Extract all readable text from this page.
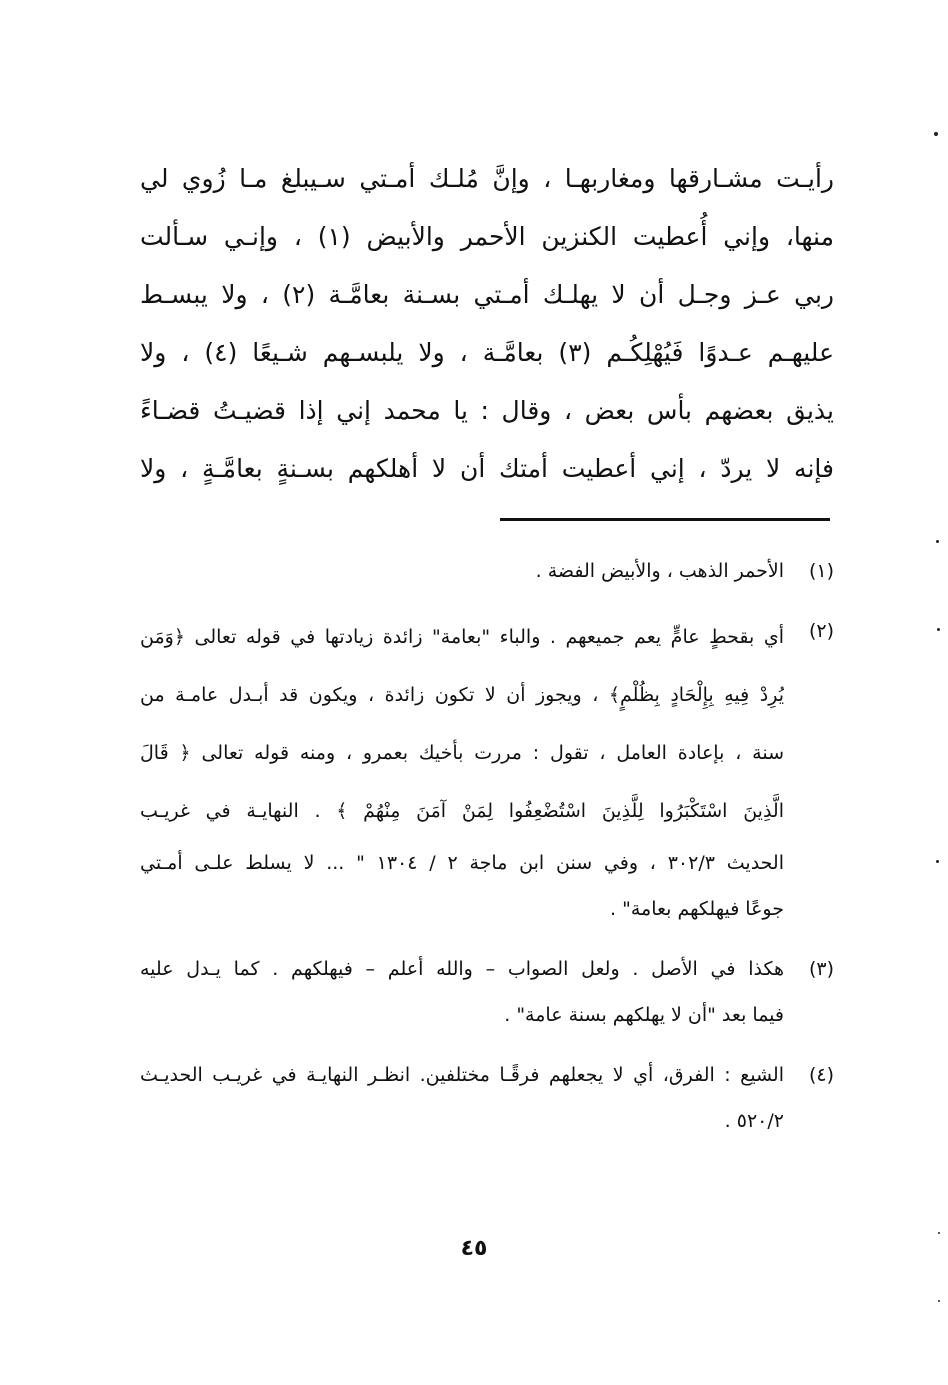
رأيـت مشـارقها ومغاربهـا ، وإنَّ مُلـك أمـتي سـيبلغ مـا زُوي لي
منها، وإني أُعطيت الكنزين الأحمر والأبيض (١) ، وإنـي سـألت
ربي عـز وجـل أن لا يهلـك أمـتي بسـنة بعامَّـة (٢) ، ولا يبسـط
عليهـم عـدوًا فَيُهْلِكُـم (٣) بعامَّـة ، ولا يلبسـهم شـيعًا (٤) ، ولا
يذيق بعضهم بأس بعض ، وقال : يا محمد إني إذا قضيـتُ قضـاءً
فإنه لا يردّ ، إني أعطيت أمتك أن لا أهلكهم بسـنةٍ بعامَّـةٍ ، ولا
(١)
الأحمر الذهب ، والأبيض الفضة .
(٢)
أي بقحطٍ عامٍّ يعم جميعهم . والباء "بعامة" زائدة زيادتها في قوله تعالى ﴿وَمَن
يُرِدْ فِيهِ بِإِلْحَادٍ بِظُلْمٍ﴾ ، ويجوز أن لا تكون زائدة ، ويكون قد أبـدل عامـة من
سنة ، بإعادة العامل ، تقول : مررت بأخيك بعمرو ، ومنه قوله تعالى ﴿ قَالَ
الَّذِينَ اسْتَكْبَرُوا لِلَّذِينَ اسْتُضْعِفُوا لِمَنْ آمَنَ مِنْهُمْ ﴾ . النهايـة في غريـب
الحديث ٣٠٢/٣ ، وفي سنن ابن ماجة ٢ / ١٣٠٤ " ... لا يسلط علـى أمـتي
جوعًا فيهلكهم بعامة" .
(٣)
هكذا في الأصل . ولعل الصواب – والله أعلم – فيهلكهم . كما يـدل عليه
فيما بعد "أن لا يهلكهم بسنة عامة" .
(٤)
الشيع : الفرق، أي لا يجعلهم فرقًـا مختلفين. انظـر النهايـة في غريـب الحديـث
٥٢٠/٢ .
٤٥
